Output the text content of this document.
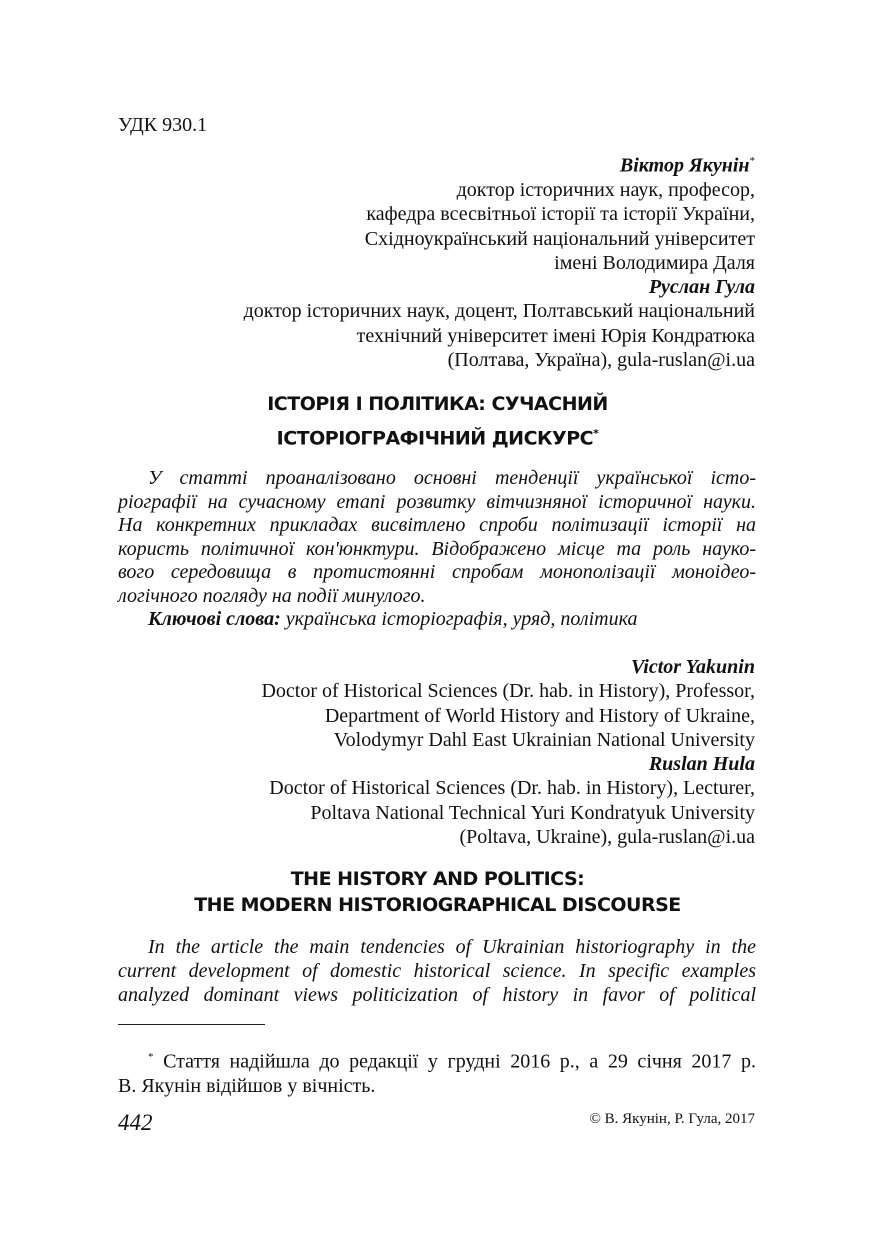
УДК 930.1
Віктор Якунін*
доктор історичних наук, професор,
кафедра всесвітньої історії та історії України,
Східноукраїнський національний університет
імені Володимира Даля
Руслан Гула
доктор історичних наук, доцент, Полтавський національний
технічний університет імені Юрія Кондратюка
(Полтава, Україна), gula-ruslan@i.ua
ІСТОРІЯ І ПОЛІТИКА: СУЧАСНИЙ
ІСТОРІОГРАФІЧНИЙ ДИСКУРС*
У статті проаналізовано основні тенденції української істо-
ріографії на сучасному етапі розвитку вітчизняної історичної науки.
На конкретних прикладах висвітлено спроби політизації історії на
користь політичної кон'юнктури. Відображено місце та роль науко-
вого середовища в протистоянні спробам монополізації моноідео-
логічного погляду на події минулого.
Ключові слова: українська історіографія, уряд, політика
Victor Yakunin
Doctor of Historical Sciences (Dr. hab. in History), Professor,
Department of World History and History of Ukraine,
Volodymyr Dahl East Ukrainian National University
Ruslan Hula
Doctor of Historical Sciences (Dr. hab. in History), Lecturer,
Poltava National Technical Yuri Kondratyuk University
(Poltava, Ukraine), gula-ruslan@i.ua
THE HISTORY AND POLITICS:
THE MODERN HISTORIOGRAPHICAL DISCOURSE
In the article the main tendencies of Ukrainian historiography in the
current development of domestic historical science. In specific examples
analyzed dominant views politicization of history in favor of political
* Стаття надійшла до редакції у грудні 2016 р., а 29 січня 2017 р.
В. Якунін відійшов у вічність.
442	© В. Якунін, Р. Гула, 2017
